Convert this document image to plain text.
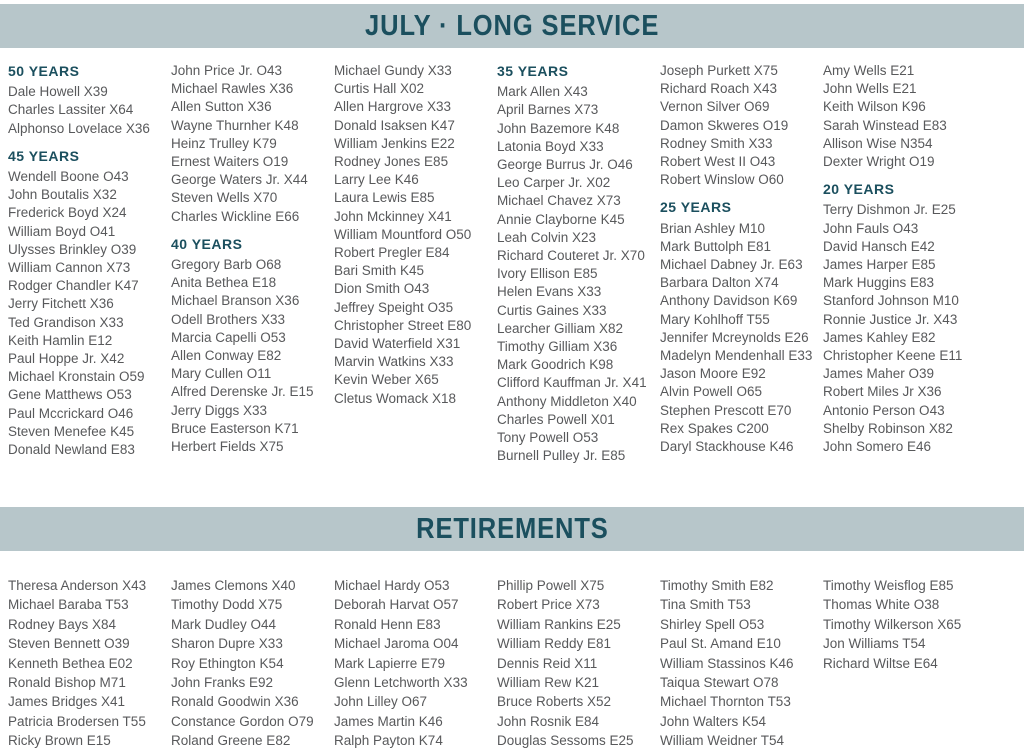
JULY · LONG SERVICE
50 YEARS
Dale Howell X39
Charles Lassiter X64
Alphonso Lovelace X36
45 YEARS
Wendell Boone O43
John Boutalis X32
Frederick Boyd X24
William Boyd O41
Ulysses Brinkley O39
William Cannon X73
Rodger Chandler K47
Jerry Fitchett X36
Ted Grandison X33
Keith Hamlin E12
Paul Hoppe Jr. X42
Michael Kronstain O59
Gene Matthews O53
Paul Mccrickard O46
Steven Menefee K45
Donald Newland E83
John Price Jr. O43
Michael Rawles X36
Allen Sutton X36
Wayne Thurnher K48
Heinz Trulley K79
Ernest Waiters O19
George Waters Jr. X44
Steven Wells X70
Charles Wickline E66
40 YEARS
Gregory Barb O68
Anita Bethea E18
Michael Branson X36
Odell Brothers X33
Marcia Capelli O53
Allen Conway E82
Mary Cullen O11
Alfred Derenske Jr. E15
Jerry Diggs X33
Bruce Easterson K71
Herbert Fields X75
Michael Gundy X33
Curtis Hall X02
Allen Hargrove X33
Donald Isaksen K47
William Jenkins E22
Rodney Jones E85
Larry Lee K46
Laura Lewis E85
John Mckinney X41
William Mountford O50
Robert Pregler E84
Bari Smith K45
Dion Smith O43
Jeffrey Speight O35
Christopher Street E80
David Waterfield X31
Marvin Watkins X33
Kevin Weber X65
Cletus Womack X18
35 YEARS
Mark Allen X43
April Barnes X73
John Bazemore K48
Latonia Boyd X33
George Burrus Jr. O46
Leo Carper Jr. X02
Michael Chavez X73
Annie Clayborne K45
Leah Colvin X23
Richard Couteret Jr. X70
Ivory Ellison E85
Helen Evans X33
Curtis Gaines X33
Learcher Gilliam X82
Timothy Gilliam X36
Mark Goodrich K98
Clifford Kauffman Jr. X41
Anthony Middleton X40
Charles Powell X01
Tony Powell O53
Burnell Pulley Jr. E85
Joseph Purkett X75
Richard Roach X43
Vernon Silver O69
Damon Skweres O19
Rodney Smith X33
Robert West II O43
Robert Winslow O60
25 YEARS
Brian Ashley M10
Mark Buttolph E81
Michael Dabney Jr. E63
Barbara Dalton X74
Anthony Davidson K69
Mary Kohlhoff T55
Jennifer Mcreynolds E26
Madelyn Mendenhall E33
Jason Moore E92
Alvin Powell O65
Stephen Prescott E70
Rex Spakes C200
Daryl Stackhouse K46
Amy Wells E21
John Wells E21
Keith Wilson K96
Sarah Winstead E83
Allison Wise N354
Dexter Wright O19
20 YEARS
Terry Dishmon Jr. E25
John Fauls O43
David Hansch E42
James Harper E85
Mark Huggins E83
Stanford Johnson M10
Ronnie Justice Jr. X43
James Kahley E82
Christopher Keene E11
James Maher O39
Robert Miles Jr X36
Antonio Person O43
Shelby Robinson X82
John Somero E46
RETIREMENTS
Theresa Anderson X43
Michael Baraba T53
Rodney Bays X84
Steven Bennett O39
Kenneth Bethea E02
Ronald Bishop M71
James Bridges X41
Patricia Brodersen T55
Ricky Brown E15
James Clemons X40
Timothy Dodd X75
Mark Dudley O44
Sharon Dupre X33
Roy Ethington K54
John Franks E92
Ronald Goodwin X36
Constance Gordon O79
Roland Greene E82
Michael Hardy O53
Deborah Harvat O57
Ronald Henn E83
Michael Jaroma O04
Mark Lapierre E79
Glenn Letchworth X33
John Lilley O67
James Martin K46
Ralph Payton K74
Phillip Powell X75
Robert Price X73
William Rankins E25
William Reddy E81
Dennis Reid X11
William Rew K21
Bruce Roberts X52
John Rosnik E84
Douglas Sessoms E25
Timothy Smith E82
Tina Smith T53
Shirley Spell O53
Paul St. Amand E10
William Stassinos K46
Taiqua Stewart O78
Michael Thornton T53
John Walters K54
William Weidner T54
Timothy Weisflog E85
Thomas White O38
Timothy Wilkerson X65
Jon Williams T54
Richard Wiltse E64
